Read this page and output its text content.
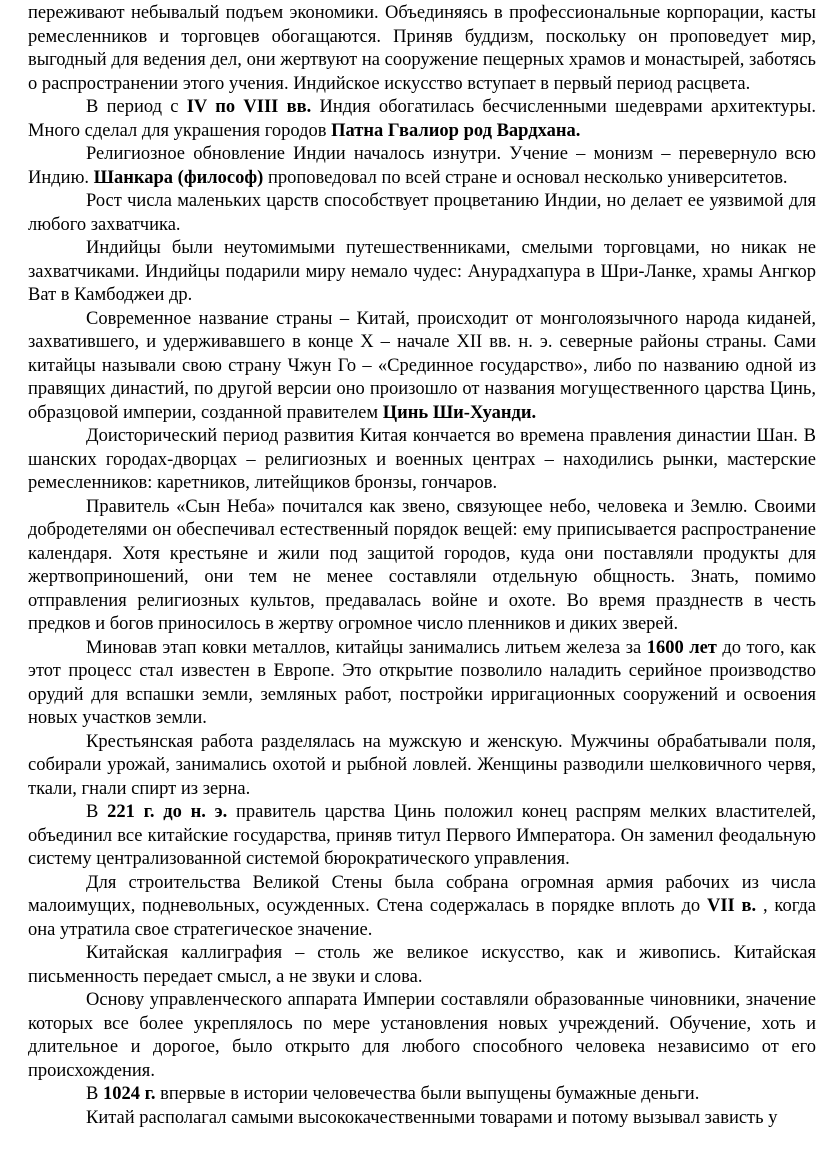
переживают небывалый подъем экономики. Объединяясь в профессиональные корпорации, касты ремесленников и торговцев обогащаются. Приняв буддизм, поскольку он проповедует мир, выгодный для ведения дел, они жертвуют на сооружение пещерных храмов и монастырей, заботясь о распространении этого учения. Индийское искусство вступает в первый период расцвета.

В период с IV по VIII вв. Индия обогатилась бесчисленными шедеврами архитектуры. Много сделал для украшения городов Патна Гвалиор род Вардхана.

Религиозное обновление Индии началось изнутри. Учение – монизм – перевернуло всю Индию. Шанкара (философ) проповедовал по всей стране и основал несколько университетов.

Рост числа маленьких царств способствует процветанию Индии, но делает ее уязвимой для любого захватчика.

Индийцы были неутомимыми путешественниками, смелыми торговцами, но никак не захватчиками. Индийцы подарили миру немало чудес: Анурадхапура в Шри-Ланке, храмы Ангкор Ват в Камбоджеи др.

Современное название страны – Китай, происходит от монголоязычного народа киданей, захватившего, и удерживавшего в конце X – начале XII вв. н. э. северные районы страны. Сами китайцы называли свою страну Чжун Го – «Срединное государство», либо по названию одной из правящих династий, по другой версии оно произошло от названия могущественного царства Цинь, образцовой империи, созданной правителем Цинь Ши-Хуанди.

Доисторический период развития Китая кончается во времена правления династии Шан. В шанских городах-дворцах – религиозных и военных центрах – находились рынки, мастерские ремесленников: каретников, литейщиков бронзы, гончаров.

Правитель «Сын Неба» почитался как звено, связующее небо, человека и Землю. Своими добродетелями он обеспечивал естественный порядок вещей: ему приписывается распространение календаря. Хотя крестьяне и жили под защитой городов, куда они поставляли продукты для жертвоприношений, они тем не менее составляли отдельную общность. Знать, помимо отправления религиозных культов, предавалась войне и охоте. Во время празднеств в честь предков и богов приносилось в жертву огромное число пленников и диких зверей.

Миновав этап ковки металлов, китайцы занимались литьем железа за 1600 лет до того, как этот процесс стал известен в Европе. Это открытие позволило наладить серийное производство орудий для вспашки земли, земляных работ, постройки ирригационных сооружений и освоения новых участков земли.

Крестьянская работа разделялась на мужскую и женскую. Мужчины обрабатывали поля, собирали урожай, занимались охотой и рыбной ловлей. Женщины разводили шелковичного червя, ткали, гнали спирт из зерна.

В 221 г. до н. э. правитель царства Цинь положил конец распрям мелких властителей, объединил все китайские государства, приняв титул Первого Императора. Он заменил феодальную систему централизованной системой бюрократического управления.

Для строительства Великой Стены была собрана огромная армия рабочих из числа малоимущих, подневольных, осужденных. Стена содержалась в порядке вплоть до VII в. , когда она утратила свое стратегическое значение.

Китайская каллиграфия – столь же великое искусство, как и живопись. Китайская письменность передает смысл, а не звуки и слова.

Основу управленческого аппарата Империи составляли образованные чиновники, значение которых все более укреплялось по мере установления новых учреждений. Обучение, хоть и длительное и дорогое, было открыто для любого способного человека независимо от его происхождения.

В 1024 г. впервые в истории человечества были выпущены бумажные деньги.

Китай располагал самыми высококачественными товарами и потому вызывал зависть у
